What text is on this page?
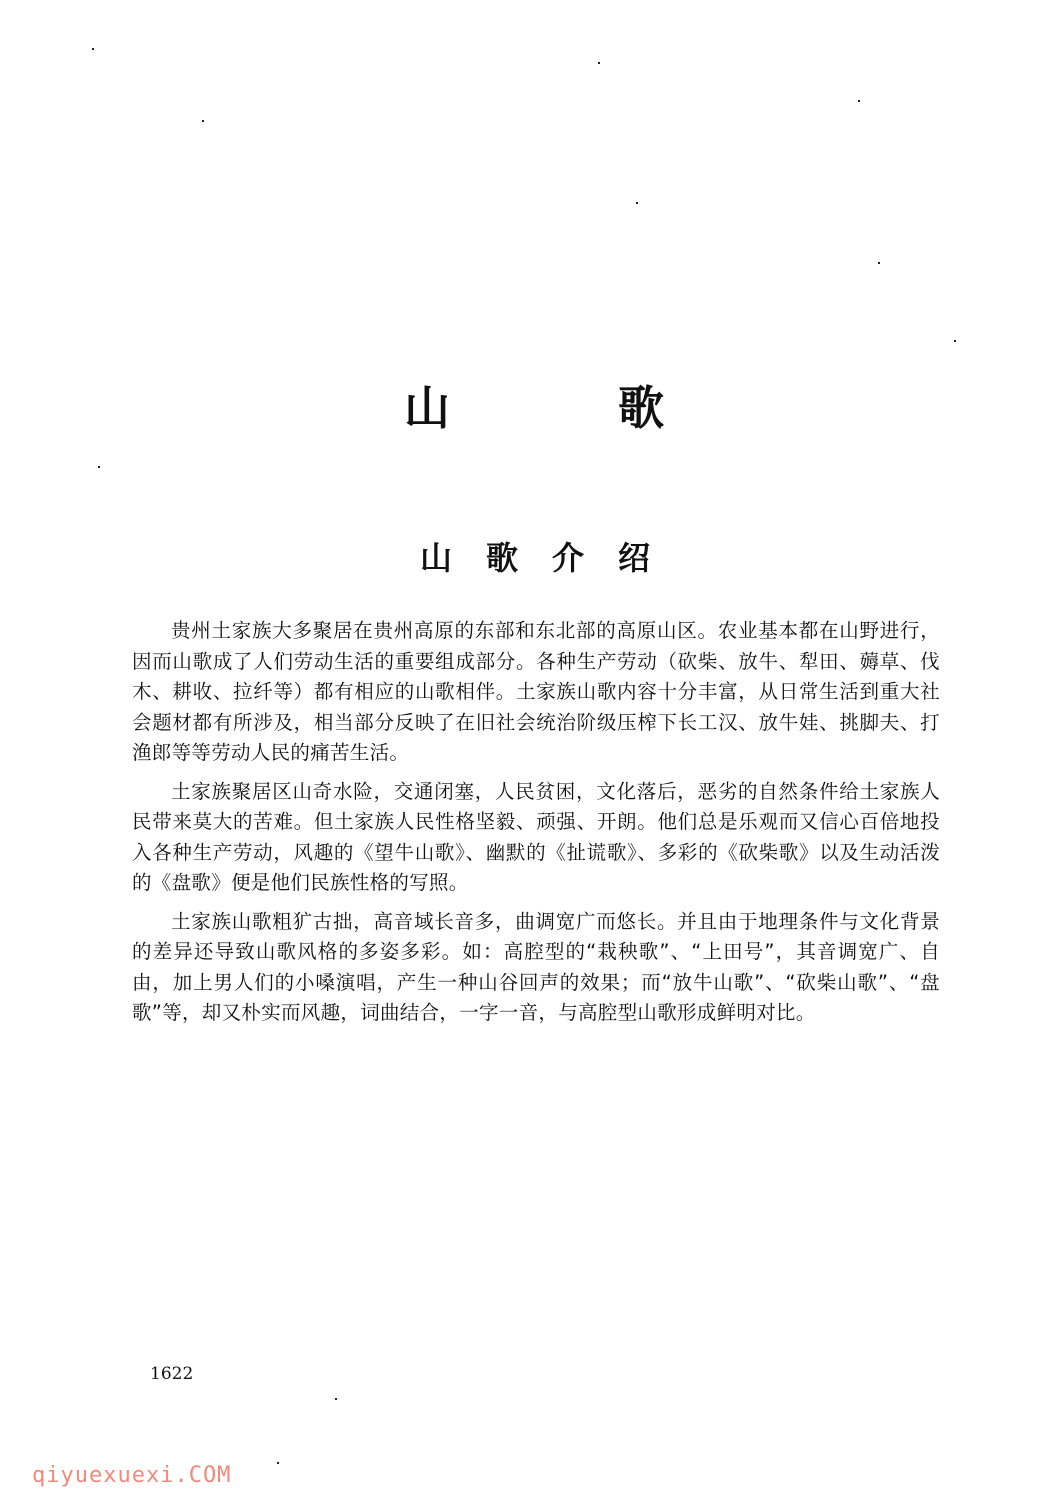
山	歌
山 歌 介 绍

贵州土家族大多聚居在贵州高原的东部和东北部的高原山区。农业基本都在山野进行，因而山歌成了人们劳动生活的重要组成部分。各种生产劳动（砍柴、放牛、犁田、薅草、伐木、耕收、拉纤等）都有相应的山歌相伴。土家族山歌内容十分丰富，从日常生活到重大社会题材都有所涉及，相当部分反映了在旧社会统治阶级压榨下长工汉、放牛娃、挑脚夫、打渔郎等等劳动人民的痛苦生活。

土家族聚居区山奇水险，交通闭塞，人民贫困，文化落后，恶劣的自然条件给土家族人民带来莫大的苦难。但土家族人民性格坚毅、顽强、开朗。他们总是乐观而又信心百倍地投入各种生产劳动，风趣的《望牛山歌》、幽默的《扯谎歌》、多彩的《砍柴歌》以及生动活泼的《盘歌》便是他们民族性格的写照。

土家族山歌粗犷古拙，高音域长音多，曲调宽广而悠长。并且由于地理条件与文化背景的差异还导致山歌风格的多姿多彩。如：高腔型的“栽秧歌”、“上田号”，其音调宽广、自由，加上男人们的小嗓演唱，产生一种山谷回声的效果；而“放牛山歌”、“砍柴山歌”、“盘歌”等，却又朴实而风趣，词曲结合，一字一音，与高腔型山歌形成鲜明对比。

1622
qiyuexuexi.COM
